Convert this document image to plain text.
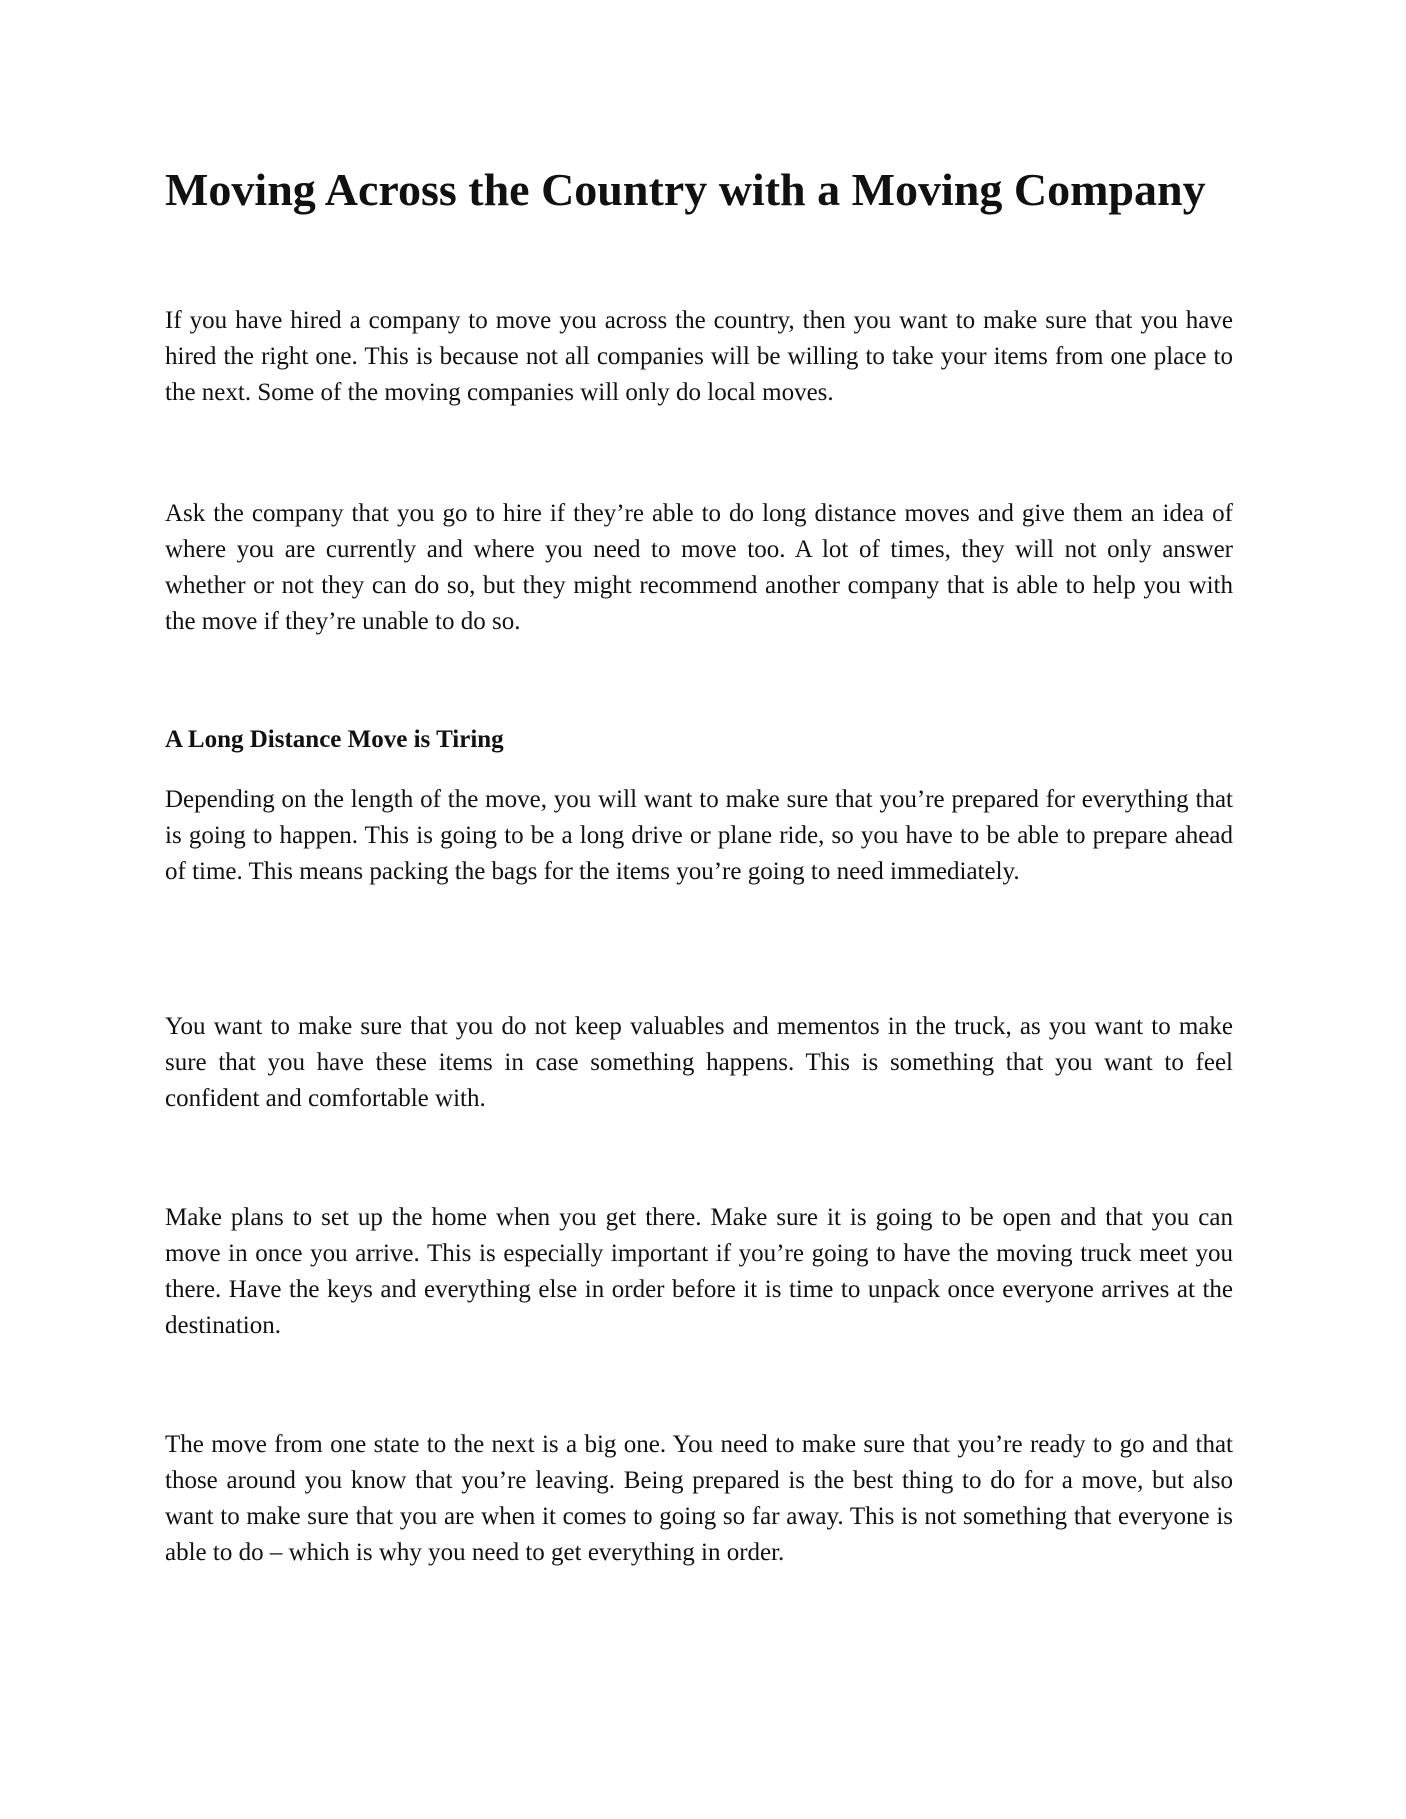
Moving Across the Country with a Moving Company

If you have hired a company to move you across the country, then you want to make sure that you have hired the right one. This is because not all companies will be willing to take your items from one place to the next. Some of the moving companies will only do local moves.

Ask the company that you go to hire if they’re able to do long distance moves and give them an idea of where you are currently and where you need to move too. A lot of times, they will not only answer whether or not they can do so, but they might recommend another company that is able to help you with the move if they’re unable to do so.

A Long Distance Move is Tiring

Depending on the length of the move, you will want to make sure that you’re prepared for everything that is going to happen. This is going to be a long drive or plane ride, so you have to be able to prepare ahead of time. This means packing the bags for the items you’re going to need immediately.

You want to make sure that you do not keep valuables and mementos in the truck, as you want to make sure that you have these items in case something happens. This is something that you want to feel confident and comfortable with.

Make plans to set up the home when you get there. Make sure it is going to be open and that you can move in once you arrive. This is especially important if you’re going to have the moving truck meet you there. Have the keys and everything else in order before it is time to unpack once everyone arrives at the destination.

The move from one state to the next is a big one. You need to make sure that you’re ready to go and that those around you know that you’re leaving. Being prepared is the best thing to do for a move, but also want to make sure that you are when it comes to going so far away. This is not something that everyone is able to do – which is why you need to get everything in order.
